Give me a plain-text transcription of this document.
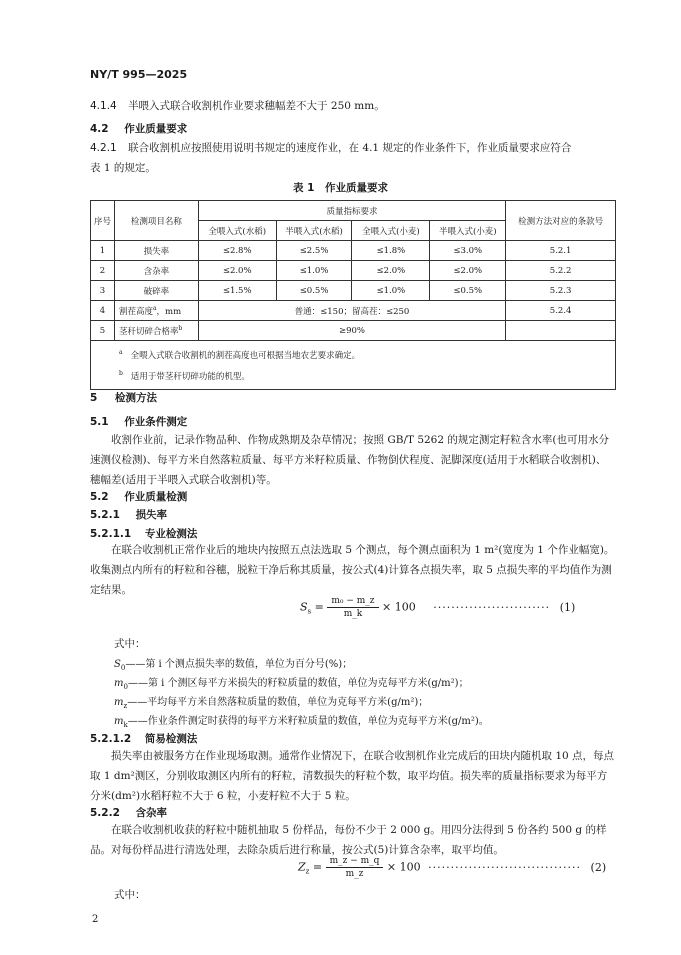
NY/T 995—2025
4.1.4 半喂入式联合收割机作业要求穗幅差不大于 250 mm。
4.2 作业质量要求
4.2.1 联合收割机应按照使用说明书规定的速度作业，在 4.1 规定的作业条件下，作业质量要求应符合
表 1 的规定。
表 1　作业质量要求
序号	检测项目名称	质量指标要求				检测方法对应的条款号
		全喂入式(水稻)	半喂入式(水稻)	全喂入式(小麦)	半喂入式(小麦)	
1	损失率	≤2.8%	≤2.5%	≤1.8%	≤3.0%	5.2.1
2	含杂率	≤2.0%	≤1.0%	≤2.0%	≤2.0%	5.2.2
3	破碎率	≤1.5%	≤0.5%	≤1.0%	≤0.5%	5.2.3
4	割茬高度$^a$，mm	普通：≤150；留高茬：≤250				5.2.4
5	茎秆切碎合格率$^b$	≥90%				

$^a$ 全喂入式联合收割机的割茬高度也可根据当地农艺要求确定。
$^b$ 适用于带茎秆切碎功能的机型。						
5 检测方法
5.1 作业条件测定
收割作业前，记录作物品种、作物成熟期及杂草情况；按照 GB/T 5262 的规定测定籽粒含水率(也可用水分速测仪检测)、每平方米自然落粒质量、每平方米籽粒质量、作物倒伏程度、泥脚深度(适用于水稻联合收割机)、穗幅差(适用于半喂入式联合收割机)等。
5.2 作业质量检测
5.2.1 损失率
5.2.1.1 专业检测法
在联合收割机正常作业后的地块内按照五点法选取 5 个测点，每个测点面积为 1 m²(宽度为 1 个作业幅宽)。收集测点内所有的籽粒和谷穗，脱粒干净后称其质量，按公式(4)计算各点损失率，取 5 点损失率的平均值作为测定结果。
$S_s = \frac{\text{m₀ − m\_z}}{m\_k} \times 100$ ·························· (1)
式中：
$S_0——$第 i 个测点损失率的数值，单位为百分号(%)；
$m_0——$第 i 个测区每平方米损失的籽粒质量的数值，单位为克每平方米(g/m²)；
$m_z——$平均每平方米自然落粒质量的数值，单位为克每平方米(g/m²)；
$m_k——$作业条件测定时获得的每平方米籽粒质量的数值，单位为克每平方米(g/m²)。
5.2.1.2 简易检测法
损失率由被服务方在作业现场取测。通常作业情况下，在联合收割机作业完成后的田块内随机取 10 点，每点取 1 dm²测区，分别收取测区内所有的籽粒，清数损失的籽粒个数，取平均值。损失率的质量指标要求为每平方分米(dm²)水稻籽粒不大于 6 粒，小麦籽粒不大于 5 粒。
5.2.2 含杂率
在联合收割机收获的籽粒中随机抽取 5 份样品，每份不少于 2 000 g。用四分法得到 5 份各约 500 g 的样品。对每份样品进行清选处理，去除杂质后进行称量，按公式(5)计算含杂率，取平均值。
$Z_z = \frac{m\_z - m\_q}{m\_z} \times 100$ ·································· (2)
式中：
2
